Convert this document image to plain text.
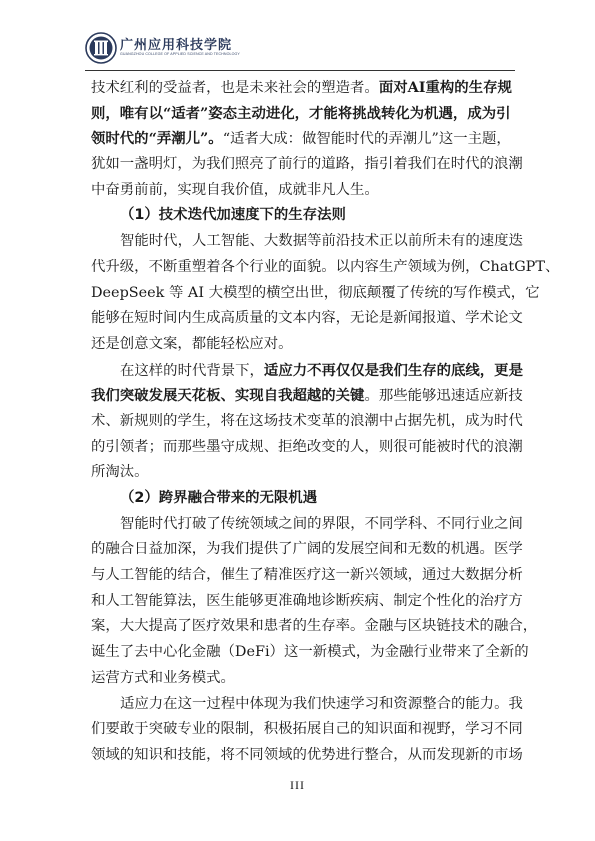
广州应用科技学院
GUANGZHOU COLLEGE OF APPLIED SCIENCE AND TECHNOLOGY
技术红利的受益者，也是未来社会的塑造者。面对AI重构的生存规
则，唯有以“适者”姿态主动进化，才能将挑战转化为机遇，成为引
领时代的“弄潮儿”。“适者大成：做智能时代的弄潮儿”这一主题，
犹如一盏明灯，为我们照亮了前行的道路，指引着我们在时代的浪潮
中奋勇前前，实现自我价值，成就非凡人生。
（1）技术迭代加速度下的生存法则
智能时代，人工智能、大数据等前沿技术正以前所未有的速度迭
代升级，不断重塑着各个行业的面貌。以内容生产领域为例，ChatGPT、
DeepSeek 等 AI 大模型的横空出世，彻底颠覆了传统的写作模式，它
能够在短时间内生成高质量的文本内容，无论是新闻报道、学术论文
还是创意文案，都能轻松应对。
在这样的时代背景下，适应力不再仅仅是我们生存的底线，更是
我们突破发展天花板、实现自我超越的关键。那些能够迅速适应新技
术、新规则的学生，将在这场技术变革的浪潮中占据先机，成为时代
的引领者；而那些墨守成规、拒绝改变的人，则很可能被时代的浪潮
所淘汰。
（2）跨界融合带来的无限机遇
智能时代打破了传统领域之间的界限，不同学科、不同行业之间
的融合日益加深，为我们提供了广阔的发展空间和无数的机遇。医学
与人工智能的结合，催生了精准医疗这一新兴领域，通过大数据分析
和人工智能算法，医生能够更准确地诊断疾病、制定个性化的治疗方
案，大大提高了医疗效果和患者的生存率。金融与区块链技术的融合，
诞生了去中心化金融（DeFi）这一新模式，为金融行业带来了全新的
运营方式和业务模式。
适应力在这一过程中体现为我们快速学习和资源整合的能力。我
们要敢于突破专业的限制，积极拓展自己的知识面和视野，学习不同
领域的知识和技能，将不同领域的优势进行整合，从而发现新的市场
III
